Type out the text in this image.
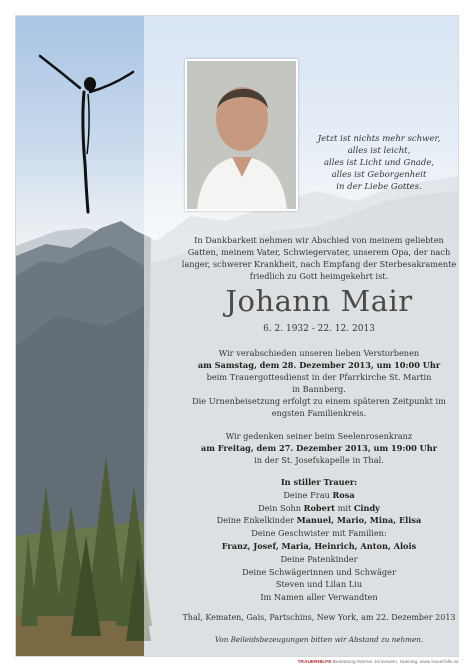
Jetzt ist nichts mehr schwer,
alles ist leicht,
alles ist Licht und Gnade,
alles ist Geborgenheit
in der Liebe Gottes.
In Dankbarkeit nehmen wir Abschied von meinem geliebten Gatten, meinem Vater, Schwiegervater, unserem Opa, der nach langer, schwerer Krankheit, nach Empfang der Sterbesakramente friedlich zu Gott heimgekehrt ist.
Johann Mair
6. 2. 1932 - 22. 12. 2013
Wir verabschieden unseren lieben Verstorbenen
am Samstag, dem 28. Dezember 2013, um 10:00 Uhr
beim Trauergottesdienst in der Pfarrkirche St. Martin
in Bannberg.
Die Urnenbeisetzung erfolgt zu einem späteren Zeitpunkt im
engsten Familienkreis.
Wir gedenken seiner beim Seelenrosenkranz
am Freitag, dem 27. Dezember 2013, um 19:00 Uhr
in der St. Josefskapelle in Thal.
In stiller Trauer:
Deine Frau Rosa
Dein Sohn Robert mit Cindy
Deine Enkelkinder Manuel, Mario, Mina, Elisa
Deine Geschwister mit Familien:
Franz, Josef, Maria, Heinrich, Anton, Alois
Deine Patenkinder
Deine Schwägerinnen und Schwäger
Steven und Lilan Liu
Im Namen aller Verwandten
Thal, Kematen, Gais, Partschins, New York, am 22. Dezember 2013
Von Beileidsbezeugungen bitten wir Abstand zu nehmen.
TRAUERHILFE Bestattung Werner Jennewein, Haiming, www.trauerhilfe.at
